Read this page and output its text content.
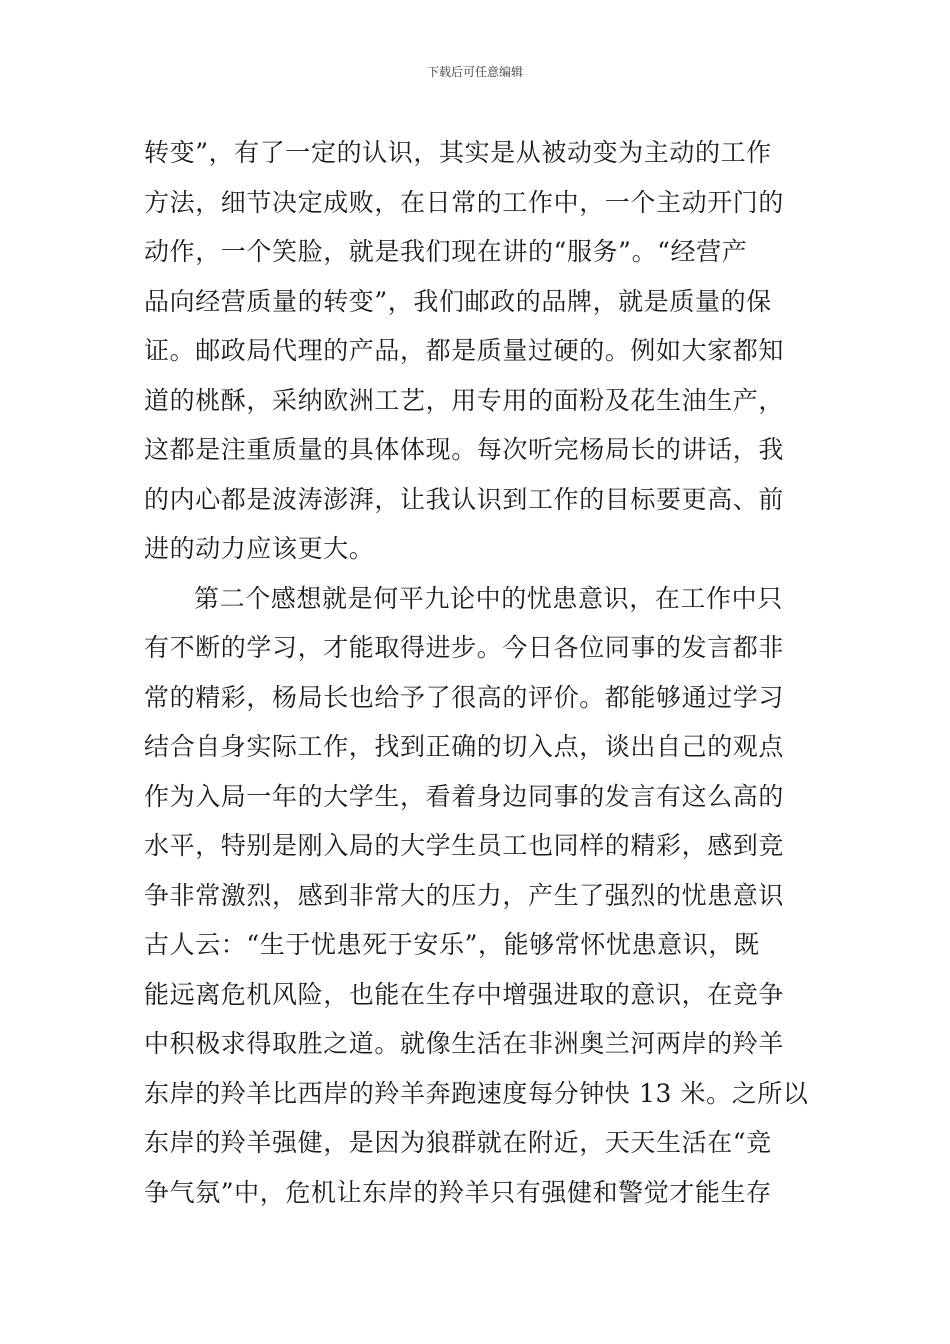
下载后可任意编辑
转变”，有了一定的认识，其实是从被动变为主动的工作
方法，细节决定成败，在日常的工作中，一个主动开门的
动作，一个笑脸，就是我们现在讲的“服务”。“经营产
品向经营质量的转变”，我们邮政的品牌，就是质量的保
证。邮政局代理的产品，都是质量过硬的。例如大家都知
道的桃酥，采纳欧洲工艺，用专用的面粉及花生油生产，
这都是注重质量的具体体现。每次听完杨局长的讲话，我
的内心都是波涛澎湃，让我认识到工作的目标要更高、前
进的动力应该更大。
第二个感想就是何平九论中的忧患意识，在工作中只
有不断的学习，才能取得进步。今日各位同事的发言都非
常的精彩，杨局长也给予了很高的评价。都能够通过学习
结合自身实际工作，找到正确的切入点，谈出自己的观点
作为入局一年的大学生，看着身边同事的发言有这么高的
水平，特别是刚入局的大学生员工也同样的精彩，感到竞
争非常激烈，感到非常大的压力，产生了强烈的忧患意识
古人云：“生于忧患死于安乐”，能够常怀忧患意识，既
能远离危机风险，也能在生存中增强进取的意识，在竞争
中积极求得取胜之道。就像生活在非洲奥兰河两岸的羚羊
东岸的羚羊比西岸的羚羊奔跑速度每分钟快 13 米。之所以
东岸的羚羊强健，是因为狼群就在附近，天天生活在“竞
争气氛”中，危机让东岸的羚羊只有强健和警觉才能生存
